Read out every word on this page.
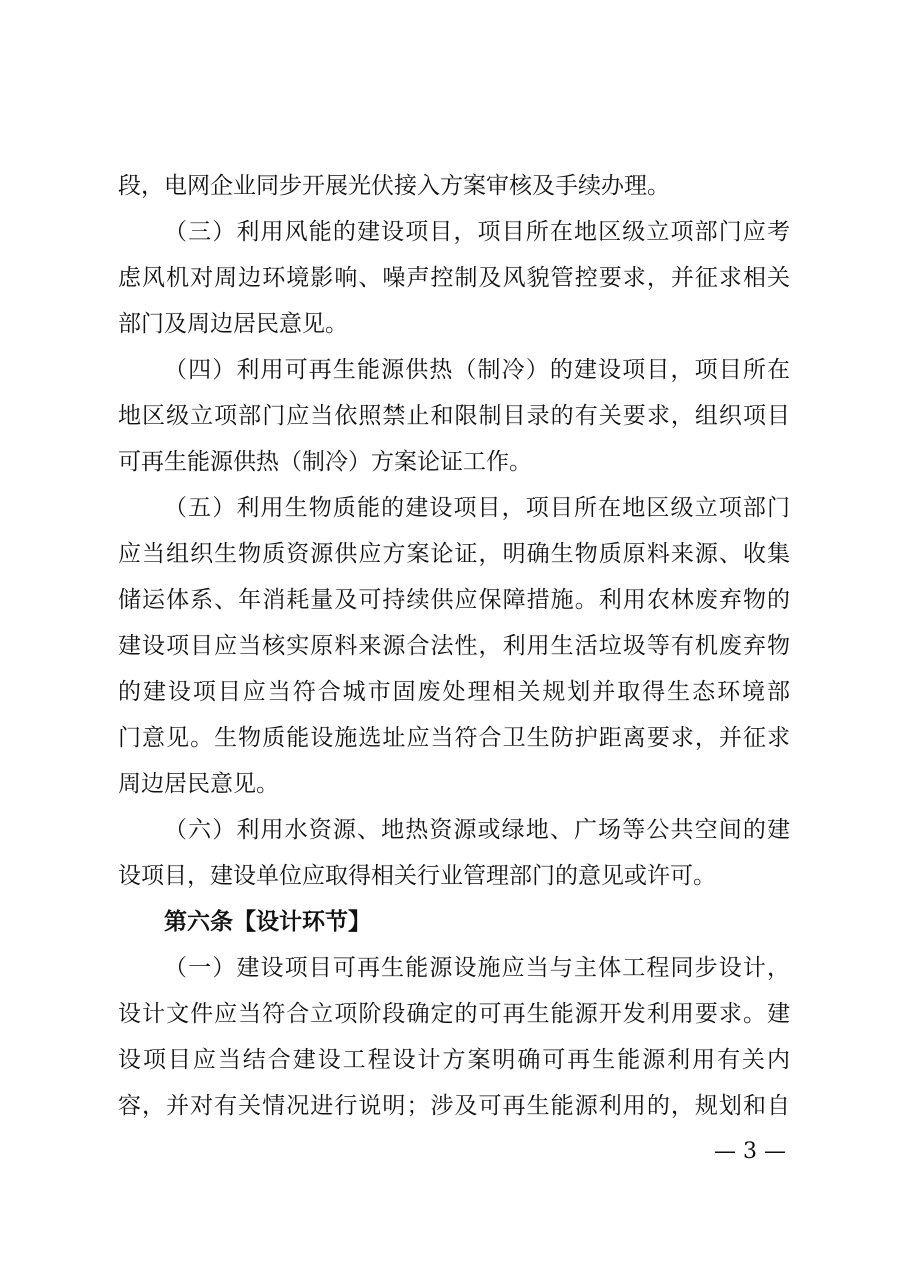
段，电网企业同步开展光伏接入方案审核及手续办理。
（三）利用风能的建设项目，项目所在地区级立项部门应考
虑风机对周边环境影响、噪声控制及风貌管控要求，并征求相关
部门及周边居民意见。
（四）利用可再生能源供热（制冷）的建设项目，项目所在
地区级立项部门应当依照禁止和限制目录的有关要求，组织项目
可再生能源供热（制冷）方案论证工作。
（五）利用生物质能的建设项目，项目所在地区级立项部门
应当组织生物质资源供应方案论证，明确生物质原料来源、收集
储运体系、年消耗量及可持续供应保障措施。利用农林废弃物的
建设项目应当核实原料来源合法性，利用生活垃圾等有机废弃物
的建设项目应当符合城市固废处理相关规划并取得生态环境部
门意见。生物质能设施选址应当符合卫生防护距离要求，并征求
周边居民意见。
（六）利用水资源、地热资源或绿地、广场等公共空间的建
设项目，建设单位应取得相关行业管理部门的意见或许可。
第六条【设计环节】
（一）建设项目可再生能源设施应当与主体工程同步设计，
设计文件应当符合立项阶段确定的可再生能源开发利用要求。建
设项目应当结合建设工程设计方案明确可再生能源利用有关内
容，并对有关情况进行说明；涉及可再生能源利用的，规划和自
— 3 —
